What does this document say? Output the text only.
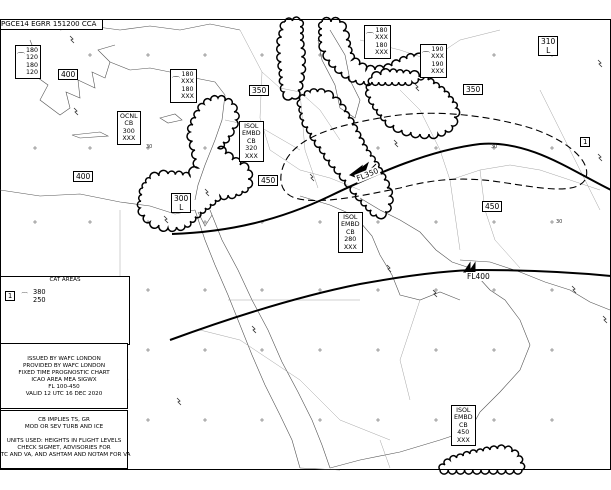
PGCE14 EGRR 151200 CCA
400
400
350
450
350
450
300
L
310
L
OCNL
CB
300
XXX
ISOL
EMBD
CB
320
XXX
ISOL
EMBD
CB
280
XXX
ISOL
EMBD
CB
450
XXX
180
120
180
120
⌒
180
XXX
180
XXX
⌒
180
XXX
180
XXX
⌒
190
XXX
190
XXX
⌒
FL350
FL400
1
30	30
30
CAT AREAS
1 ⌒ 380
250
ISSUED BY WAFC LONDON
PROVIDED BY WAFC LONDON
FIXED TIME PROGNOSTIC CHART
ICAO AREA MEA SIGWX
FL 100-450
VALID 12 UTC 16 DEC 2020
CB IMPLIES TS, GR
MOD OR SEV TURB AND ICE
UNITS USED: HEIGHTS IN FLIGHT LEVELS
CHECK SIGMET, ADVISORIES FOR
TC AND VA, AND ASHTAM AND NOTAM FOR VA
